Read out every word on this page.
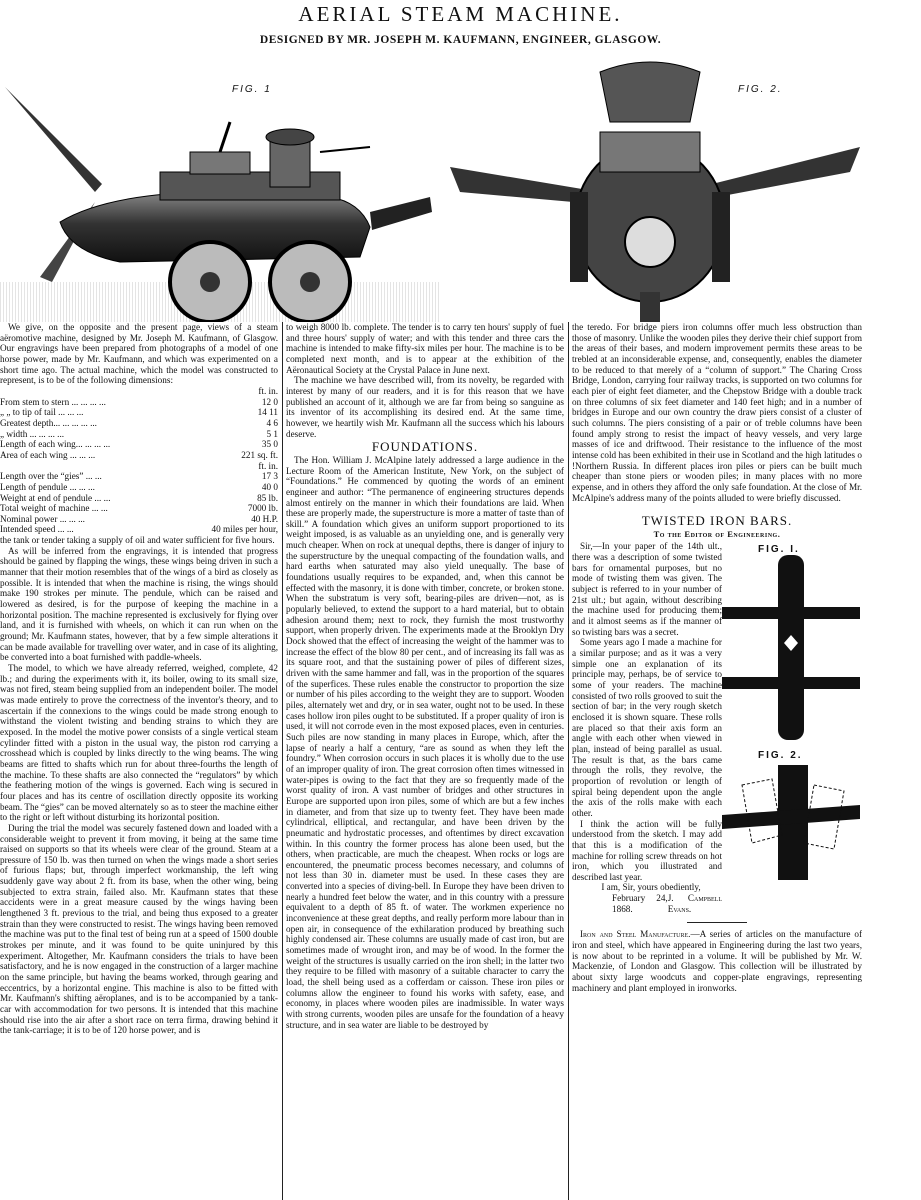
AERIAL STEAM MACHINE.
DESIGNED BY MR. JOSEPH M. KAUFMANN, ENGINEER, GLASGOW.
FIG. 1	FIG. 2.

We give, on the opposite and the present page, views of a steam aëromotive machine, designed by Mr. Joseph M. Kaufmann, of Glasgow. Our engravings have been prepared from photographs of a model of one horse power, made by Mr. Kaufmann, and which was experimented on a short time ago. The actual machine, which the model was constructed to represent, is to be of the following dimensions:

	ft. in.
From stem to stern ... ... ... ...	12 0
„ „ to tip of tail ... ... ...	14 11
Greatest depth... ... ... ... ...	4 6
„ width ... ... ... ...	5 1
Length of each wing... ... ... ...	35 0
Area of each wing ... ... ...	221 sq. ft.
	ft. in.
Length over the “gies” ... ...	17 3
Length of pendule ... ... ...	40 0
Weight at end of pendule ... ...	85 lb.
Total weight of machine ... ...	7000 lb.
Nominal power ... ... ...	40 H.P.
Intended speed ... ...	40 miles per hour,

the tank or tender taking a supply of oil and water sufficient for five hours.

As will be inferred from the engravings, it is intended that progress should be gained by flapping the wings, these wings being driven in such a manner that their motion resembles that of the wings of a bird as closely as possible. It is intended that when the machine is rising, the wings should make 190 strokes per minute. The pendule, which can be raised and lowered as desired, is for the purpose of keeping the machine in a horizontal position. The machine represented is exclusively for flying over land, and it is furnished with wheels, on which it can run when on the ground; Mr. Kaufmann states, however, that by a few simple alterations it can be made available for travelling over water, and in case of its alighting, be converted into a boat furnished with paddle-wheels.

The model, to which we have already referred, weighed, complete, 42 lb.; and during the experiments with it, its boiler, owing to its small size, was not fired, steam being supplied from an independent boiler. The model was made entirely to prove the correctness of the inventor's theory, and to ascertain if the connexions to the wings could be made strong enough to withstand the violent twisting and bending strains to which they are exposed. In the model the motive power consists of a single vertical steam cylinder fitted with a piston in the usual way, the piston rod carrying a crosshead which is coupled by links directly to the wing beams. The wing beams are fitted to shafts which run for about three-fourths the length of the machine. To these shafts are also connected the “regulators” by which the feathering motion of the wings is governed. Each wing is secured in four places and has its centre of oscillation directly opposite its working beam. The “gies” can be moved alternately so as to steer the machine either to the right or left without disturbing its horizontal position.

During the trial the model was securely fastened down and loaded with a considerable weight to prevent it from moving, it being at the same time raised on supports so that its wheels were clear of the ground. Steam at a pressure of 150 lb. was then turned on when the wings made a short series of furious flaps; but, through imperfect workmanship, the left wing suddenly gave way about 2 ft. from its base, when the other wing, being subjected to extra strain, failed also. Mr. Kaufmann states that these accidents were in a great measure caused by the wings having been lengthened 3 ft. previous to the trial, and being thus exposed to a greater strain than they were constructed to resist. The wings having been removed the machine was put to the final test of being run at a speed of 1500 double strokes per minute, and it was found to be quite uninjured by this experiment. Altogether, Mr. Kaufmann considers the trials to have been satisfactory, and he is now engaged in the construction of a larger machine on the same principle, but having the beams worked, through gearing and eccentrics, by a horizontal engine. This machine is also to be fitted with Mr. Kaufmann's shifting aëroplanes, and is to be accompanied by a tank-car with accommodation for two persons. It is intended that this machine should rise into the air after a short race on terra firma, drawing behind it the tank-carriage; it is to be of 120 horse power, and is

to weigh 8000 lb. complete. The tender is to carry ten hours' supply of fuel and three hours' supply of water; and with this tender and three cars the machine is intended to make fifty-six miles per hour. The machine is to be completed next month, and is to appear at the exhibition of the Aëronautical Society at the Crystal Palace in June next.

The machine we have described will, from its novelty, be regarded with interest by many of our readers, and it is for this reason that we have published an account of it, although we are far from being so sanguine as its inventor of its accomplishing its desired end. At the same time, however, we heartily wish Mr. Kaufmann all the success which his labours deserve.

FOUNDATIONS.

The Hon. William J. McAlpine lately addressed a large audience in the Lecture Room of the American Institute, New York, on the subject of “Foundations.” He commenced by quoting the words of an eminent engineer and author: “The permanence of engineering structures depends almost entirely on the manner in which their foundations are laid. When these are properly made, the superstructure is more a matter of taste than of skill.” A foundation which gives an uniform support proportioned to its weight imposed, is as valuable as an unyielding one, and is generally very much cheaper. When on rock at unequal depths, there is danger of injury to the superstructure by the unequal compacting of the foundation walls, and hard earths when saturated may also yield unequally. The base of foundations usually requires to be expanded, and, when this cannot be effected with the masonry, it is done with timber, concrete, or broken stone. When the substratum is very soft, bearing-piles are driven—not, as is popularly believed, to extend the support to a hard material, but to obtain adhesion around them; next to rock, they furnish the most trustworthy support, when properly driven. The experiments made at the Brooklyn Dry Dock showed that the effect of increasing the weight of the hammer was to increase the effect of the blow 80 per cent., and of increasing its fall was as its square root, and that the sustaining power of piles of different sizes, driven with the same hammer and fall, was in the proportion of the squares of the superfices. These rules enable the constructor to proportion the size or number of his piles according to the weight they are to support. Wooden piles, alternately wet and dry, or in sea water, ought not to be used. In these cases hollow iron piles ought to be substituted. If a proper quality of iron is used, it will not corrode even in the most exposed places, even in centuries. Such piles are now standing in many places in Europe, which, after the lapse of nearly a half a century, “are as sound as when they left the foundry.” When corrosion occurs in such places it is wholly due to the use of an improper quality of iron. The great corrosion often times witnessed in water-pipes is owing to the fact that they are so frequently made of the worst quality of iron. A vast number of bridges and other structures in Europe are supported upon iron piles, some of which are but a few inches in diameter, and from that size up to twenty feet. They have been made cylindrical, elliptical, and rectangular, and have been driven by the pneumatic and hydrostatic processes, and oftentimes by direct excavation within. In this country the former process has alone been used, but the others, when practicable, are much the cheapest. When rocks or logs are encountered, the pneumatic process becomes necessary, and columns of not less than 30 in. diameter must be used. In these cases they are converted into a species of diving-bell. In Europe they have been driven to nearly a hundred feet below the water, and in this country with a pressure equivalent to a depth of 85 ft. of water. The workmen experience no inconvenience at these great depths, and really perform more labour than in open air, in consequence of the exhilaration produced by breathing such highly condensed air. These columns are usually made of cast iron, but are sometimes made of wrought iron, and may be of wood. In the former the weight of the structures is usually carried on the iron shell; in the latter two they require to be filled with masonry of a suitable character to carry the load, the shell being used as a cofferdam or caisson. These iron piles or columns allow the engineer to found his works with safety, ease, and economy, in places where wooden piles are inadmissible. In water ways with strong currents, wooden piles are unsafe for the foundation of a heavy structure, and in sea water are liable to be destroyed by

the teredo. For bridge piers iron columns offer much less obstruction than those of masonry. Unlike the wooden piles they derive their chief support from the areas of their bases, and modern improvement permits these areas to be trebled at an inconsiderable expense, and, consequently, enables the diameter to be reduced to that merely of a “column of support.” The Charing Cross Bridge, London, carrying four railway tracks, is supported on two columns for each pier of eight feet diameter, and the Chepstow Bridge with a double track on three columns of six feet diameter and 140 feet high; and in a number of bridges in Europe and our own country the draw piers consist of a cluster of such columns. The piers consisting of a pair or of treble columns have been found amply strong to resist the impact of heavy vessels, and very large masses of ice and driftwood. Their resistance to the influence of the most intense cold has been exhibited in their use in Scotland and the high latitudes o !Northern Russia. In different places iron piles or piers can be built much cheaper than stone piers or wooden piles; in many places with no more expense, and in others they afford the only safe foundation. At the close of Mr. McAlpine's address many of the points alluded to were briefly discussed.

TWISTED IRON BARS.
To the Editor of Engineering.
FIG. I.
FIG. 2.

Sir,—In your paper of the 14th ult., there was a description of some twisted bars for ornamental purposes, but no mode of twisting them was given. The subject is referred to in your number of 21st ult.; but again, without describing the machine used for producing them; and it almost seems as if the manner of so twisting bars was a secret.

Some years ago I made a machine for a similar purpose; and as it was a very simple one an explanation of its principle may, perhaps, be of service to some of your readers. The machine consisted of two rolls grooved to suit the section of bar; in the very rough sketch enclosed it is shown square. These rolls are placed so that their axis form an angle with each other when viewed in plan, instead of being parallel as usual. The result is that, as the bars came through the rolls, they revolve, the proportion of revolution or length of spiral being dependent upon the angle the axis of the rolls make with each other.

I think the action will be fully understood from the sketch. I may add that this is a modification of the machine for rolling screw threads on hot iron, which you illustrated and described last year.

I am, Sir, yours obediently,

February 24, 1868.
J. Campbell Evans.

Iron and Steel Manufacture.—A series of articles on the manufacture of iron and steel, which have appeared in Engineering during the last two years, is now about to be reprinted in a volume. It will be published by Mr. W. Mackenzie, of London and Glasgow. This collection will be illustrated by about sixty large woodcuts and copper-plate engravings, representing machinery and plant employed in ironworks.
